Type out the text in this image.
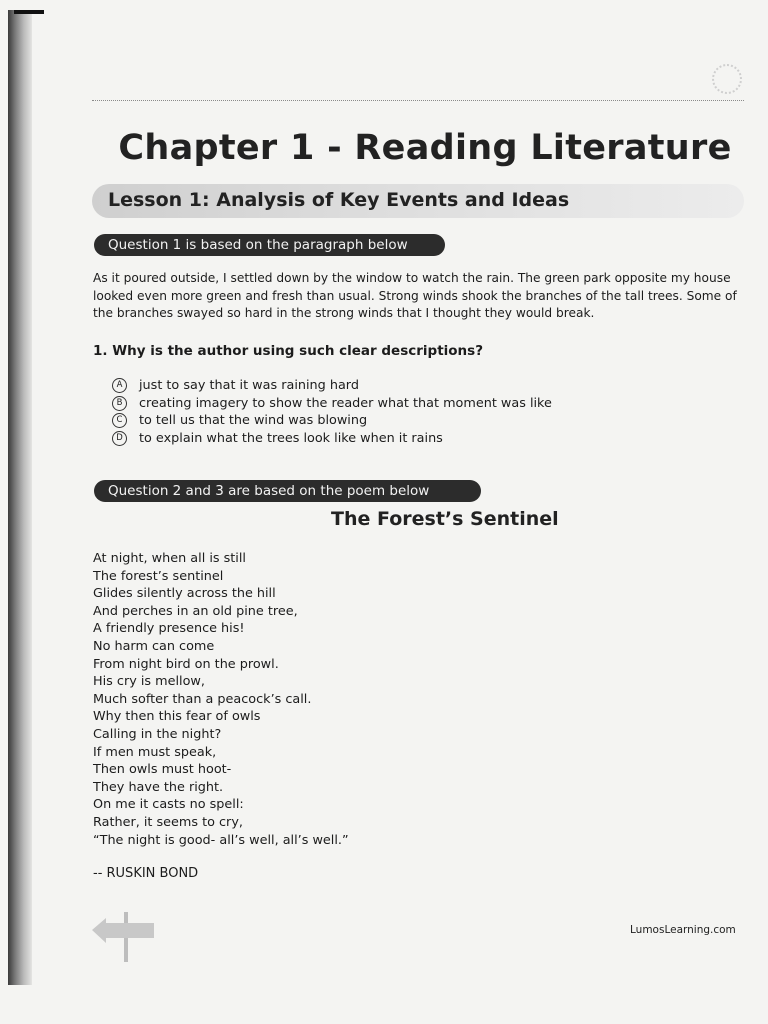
Chapter 1 - Reading Literature
Lesson 1: Analysis of Key Events and Ideas
Question 1 is based on the paragraph below

As it poured outside, I settled down by the window to watch the rain. The green park opposite my house looked even more green and fresh than usual. Strong winds shook the branches of the tall trees. Some of the branches swayed so hard in the strong winds that I thought they would break.

1. Why is the author using such clear descriptions?
A	just to say that it was raining hard
B	creating imagery to show the reader what that moment was like
C	to tell us that the wind was blowing
D	to explain what the trees look like when it rains
Question 2 and 3 are based on the poem below
The Forest’s Sentinel
At night, when all is still
The forest’s sentinel
Glides silently across the hill
And perches in an old pine tree,
A friendly presence his!
No harm can come
From night bird on the prowl.
His cry is mellow,
Much softer than a peacock’s call.
Why then this fear of owls
Calling in the night?
If men must speak,
Then owls must hoot-
They have the right.
On me it casts no spell:
Rather, it seems to cry,
“The night is good- all’s well, all’s well.”
-- RUSKIN BOND
LumosLearning.com
